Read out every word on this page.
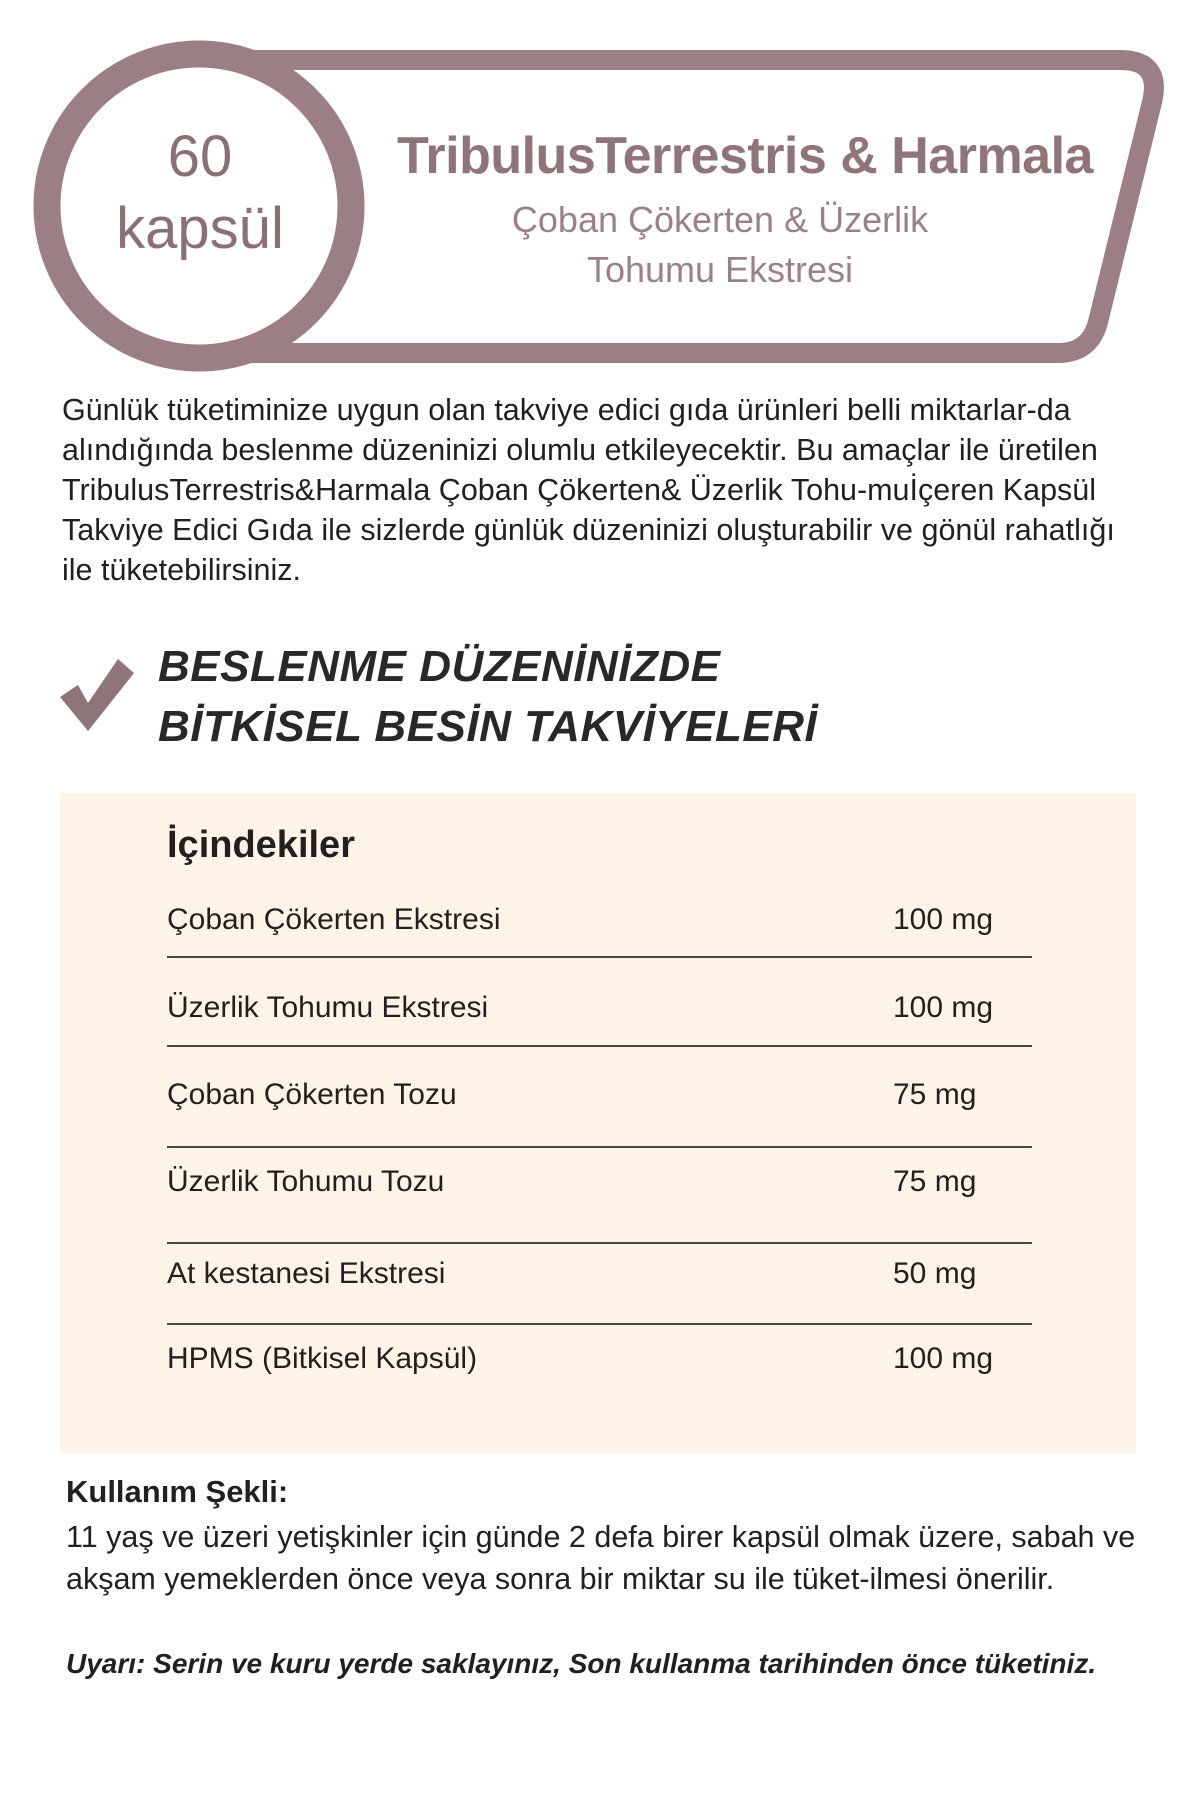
60
kapsül
TribulusTerrestris & Harmala
Çoban Çökerten & Üzerlik
Tohumu Ekstresi

Günlük tüketiminize uygun olan takviye edici gıda ürünleri belli miktarlar-da alındığında beslenme düzeninizi olumlu etkileyecektir. Bu amaçlar ile üretilen TribulusTerrestris&Harmala Çoban Çökerten& Üzerlik Tohu-muİçeren Kapsül Takviye Edici Gıda ile sizlerde günlük düzeninizi oluşturabilir ve gönül rahatlığı ile tüketebilirsiniz.

BESLENME DÜZENİNİZDE
BİTKİSEL BESİN TAKVİYELERİ
İçindekiler
Çoban Çökerten Ekstresi	100 mg
Üzerlik Tohumu Ekstresi	100 mg
Çoban Çökerten Tozu	75 mg
Üzerlik Tohumu Tozu	75 mg
At kestanesi Ekstresi	50 mg
HPMS (Bitkisel Kapsül)	100 mg
Kullanım Şekli:

11 yaş ve üzeri yetişkinler için günde 2 defa birer kapsül olmak üzere, sabah ve akşam yemeklerden önce veya sonra bir miktar su ile tüket-ilmesi önerilir.

Uyarı: Serin ve kuru yerde saklayınız, Son kullanma tarihinden önce tüketiniz.
